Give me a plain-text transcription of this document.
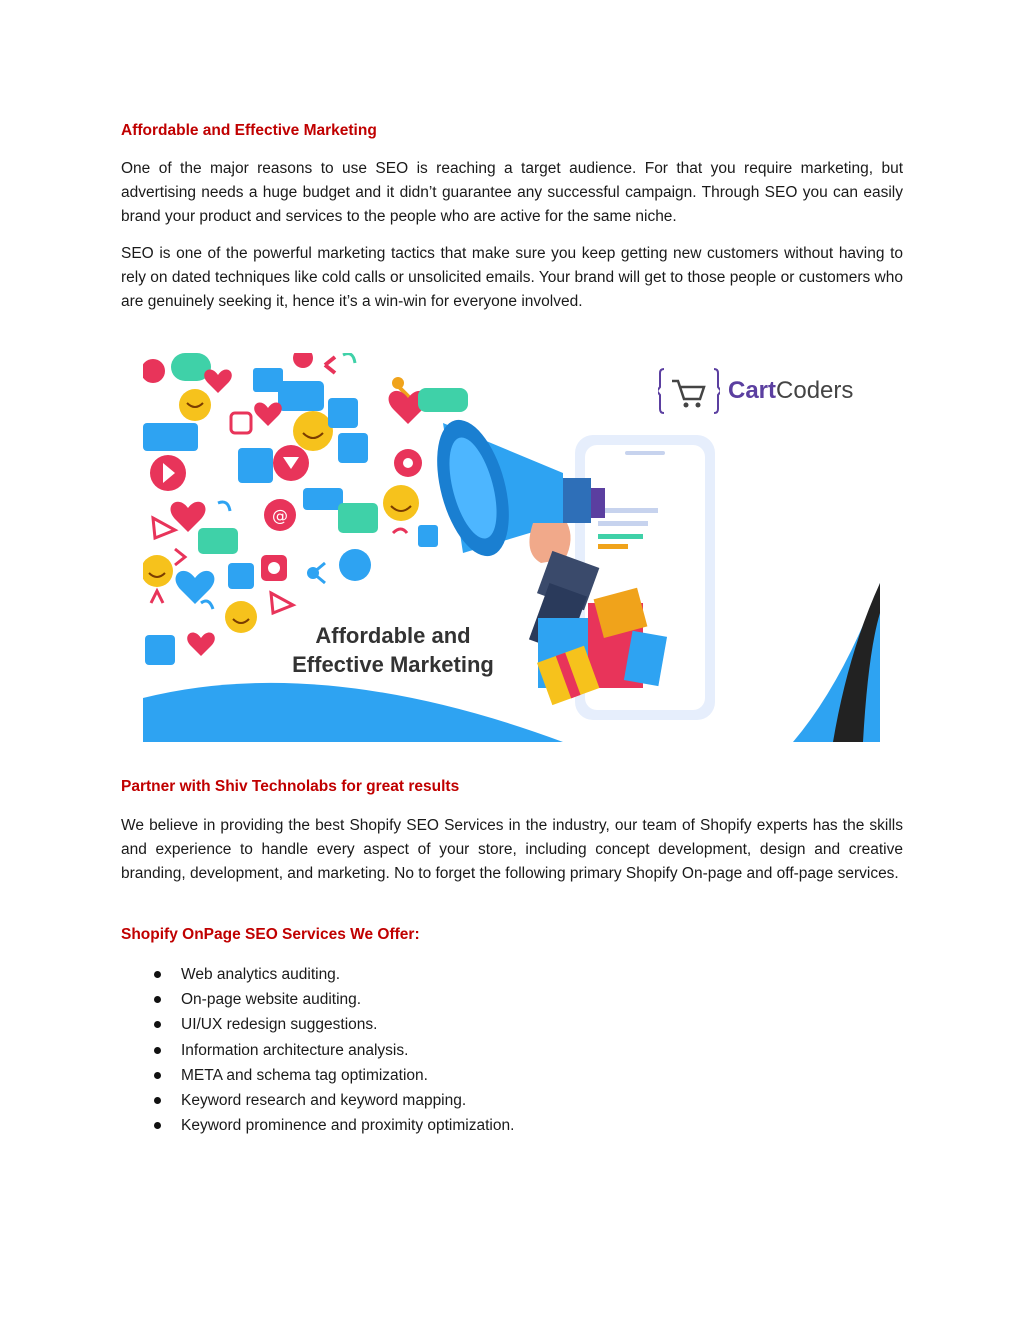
Affordable and Effective Marketing

One of the major reasons to use SEO is reaching a target audience. For that you require marketing, but advertising needs a huge budget and it didn’t guarantee any successful campaign. Through SEO you can easily brand your product and services to the people who are active for the same niche.

SEO is one of the powerful marketing tactics that make sure you keep getting new customers without having to rely on dated techniques like cold calls or unsolicited emails. Your brand will get to those people or customers who are genuinely seeking it, hence it’s a win-win for everyone involved.

Partner with Shiv Technolabs for great results

We believe in providing the best Shopify SEO Services in the industry, our team of Shopify experts has the skills and experience to handle every aspect of your store, including concept development, design and creative branding, development, and marketing. No to forget the following primary Shopify On-page and off-page services.

Shopify OnPage SEO Services We Offer:
Web analytics auditing.
On-page website auditing.
UI/UX redesign suggestions.
Information architecture analysis.
META and schema tag optimization.
Keyword research and keyword mapping.
Keyword prominence and proximity optimization.
@
Affordable and
Effective Marketing
CartCoders
